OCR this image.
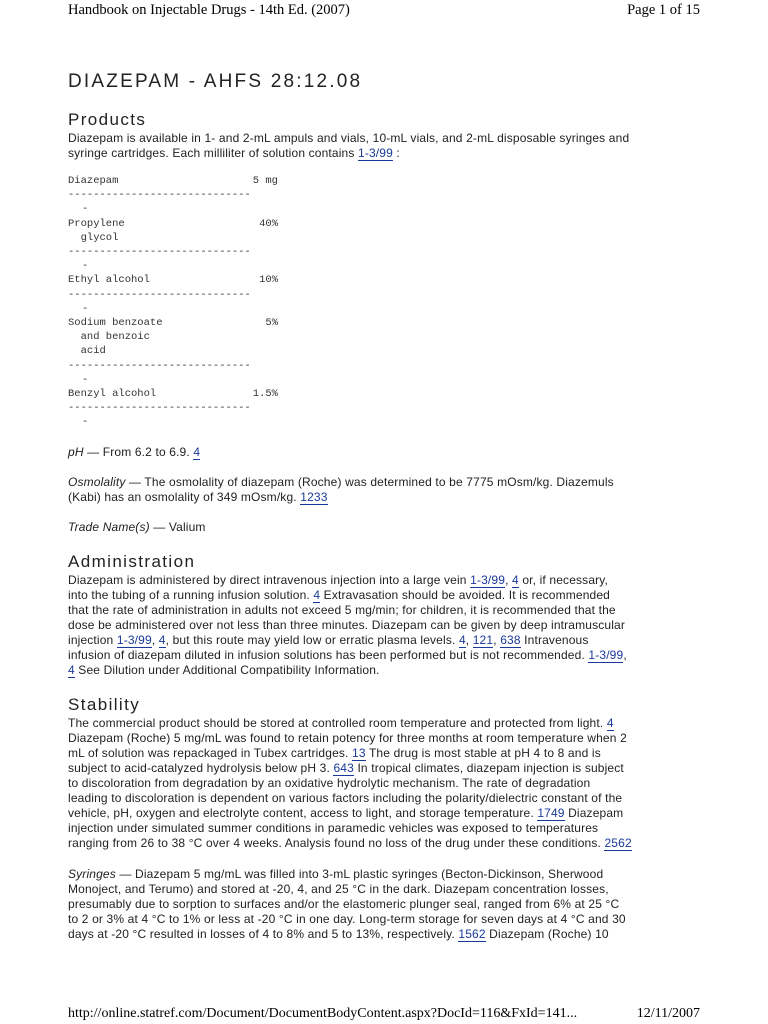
Handbook on Injectable Drugs - 14th Ed. (2007)	Page 1 of 15
DIAZEPAM - AHFS 28:12.08
Products
Diazepam is available in 1- and 2-mL ampuls and vials, 10-mL vials, and 2-mL disposable syringes and
syringe cartridges. Each milliliter of solution contains 1-3/99 :
Diazepam	5 mg
-----------------------------
-
Propylene	40%
glycol
-----------------------------
-
Ethyl alcohol	10%
-----------------------------
-
Sodium benzoate	5%
and benzoic
acid
-----------------------------
-
Benzyl alcohol	1.5%
-----------------------------
-
pH — From 6.2 to 6.9. 4
Osmolality — The osmolality of diazepam (Roche) was determined to be 7775 mOsm/kg. Diazemuls
(Kabi) has an osmolality of 349 mOsm/kg. 1233
Trade Name(s) — Valium
Administration
Diazepam is administered by direct intravenous injection into a large vein 1-3/99, 4 or, if necessary,
into the tubing of a running infusion solution. 4 Extravasation should be avoided. It is recommended
that the rate of administration in adults not exceed 5 mg/min; for children, it is recommended that the
dose be administered over not less than three minutes. Diazepam can be given by deep intramuscular
injection 1-3/99, 4, but this route may yield low or erratic plasma levels. 4, 121, 638 Intravenous
infusion of diazepam diluted in infusion solutions has been performed but is not recommended. 1-3/99,
4 See Dilution under Additional Compatibility Information.
Stability
The commercial product should be stored at controlled room temperature and protected from light. 4
Diazepam (Roche) 5 mg/mL was found to retain potency for three months at room temperature when 2
mL of solution was repackaged in Tubex cartridges. 13 The drug is most stable at pH 4 to 8 and is
subject to acid-catalyzed hydrolysis below pH 3. 643 In tropical climates, diazepam injection is subject
to discoloration from degradation by an oxidative hydrolytic mechanism. The rate of degradation
leading to discoloration is dependent on various factors including the polarity/dielectric constant of the
vehicle, pH, oxygen and electrolyte content, access to light, and storage temperature. 1749 Diazepam
injection under simulated summer conditions in paramedic vehicles was exposed to temperatures
ranging from 26 to 38 °C over 4 weeks. Analysis found no loss of the drug under these conditions. 2562
Syringes — Diazepam 5 mg/mL was filled into 3-mL plastic syringes (Becton-Dickinson, Sherwood
Monoject, and Terumo) and stored at -20, 4, and 25 °C in the dark. Diazepam concentration losses,
presumably due to sorption to surfaces and/or the elastomeric plunger seal, ranged from 6% at 25 °C
to 2 or 3% at 4 °C to 1% or less at -20 °C in one day. Long-term storage for seven days at 4 °C and 30
days at -20 °C resulted in losses of 4 to 8% and 5 to 13%, respectively. 1562 Diazepam (Roche) 10
http://online.statref.com/Document/DocumentBodyContent.aspx?DocId=116&FxId=141...	12/11/2007
